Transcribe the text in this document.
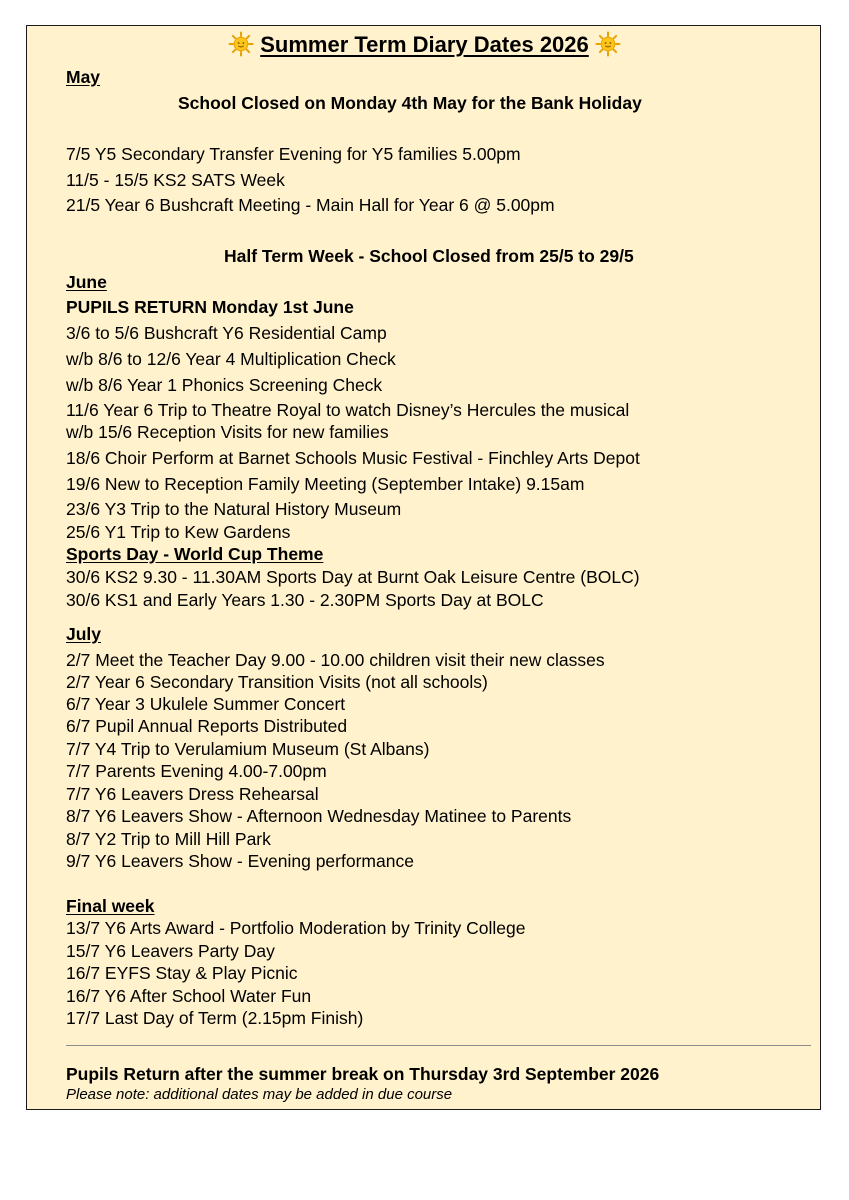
Summer Term Diary Dates 2026
May
School Closed on Monday 4th May for the Bank Holiday
7/5 Y5 Secondary Transfer Evening for Y5 families 5.00pm
11/5 - 15/5 KS2 SATS Week
21/5 Year 6 Bushcraft Meeting - Main Hall for Year 6 @ 5.00pm
Half Term Week - School Closed from 25/5 to 29/5
June
PUPILS RETURN Monday 1st June
3/6 to 5/6 Bushcraft Y6 Residential Camp
w/b 8/6 to 12/6 Year 4 Multiplication Check
w/b 8/6 Year 1 Phonics Screening Check
11/6 Year 6 Trip to Theatre Royal to watch Disney’s Hercules the musical
w/b 15/6 Reception Visits for new families
18/6 Choir Perform at Barnet Schools Music Festival - Finchley Arts Depot
19/6 New to Reception Family Meeting (September Intake) 9.15am
23/6 Y3 Trip to the Natural History Museum
25/6 Y1 Trip to Kew Gardens
Sports Day - World Cup Theme
30/6 KS2 9.30 - 11.30AM Sports Day at Burnt Oak Leisure Centre (BOLC)
30/6 KS1 and Early Years 1.30 - 2.30PM Sports Day at BOLC
July
2/7 Meet the Teacher Day 9.00 - 10.00 children visit their new classes
2/7 Year 6 Secondary Transition Visits (not all schools)
6/7 Year 3 Ukulele Summer Concert
6/7 Pupil Annual Reports Distributed
7/7 Y4 Trip to Verulamium Museum (St Albans)
7/7 Parents Evening 4.00-7.00pm
7/7 Y6 Leavers Dress Rehearsal
8/7 Y6 Leavers Show - Afternoon Wednesday Matinee to Parents
8/7 Y2 Trip to Mill Hill Park
9/7 Y6 Leavers Show - Evening performance
Final week
13/7 Y6 Arts Award - Portfolio Moderation by Trinity College
15/7 Y6 Leavers Party Day
16/7 EYFS Stay & Play Picnic
16/7 Y6 After School Water Fun
17/7 Last Day of Term (2.15pm Finish)
Pupils Return after the summer break on Thursday 3rd September 2026
Please note: additional dates may be added in due course
